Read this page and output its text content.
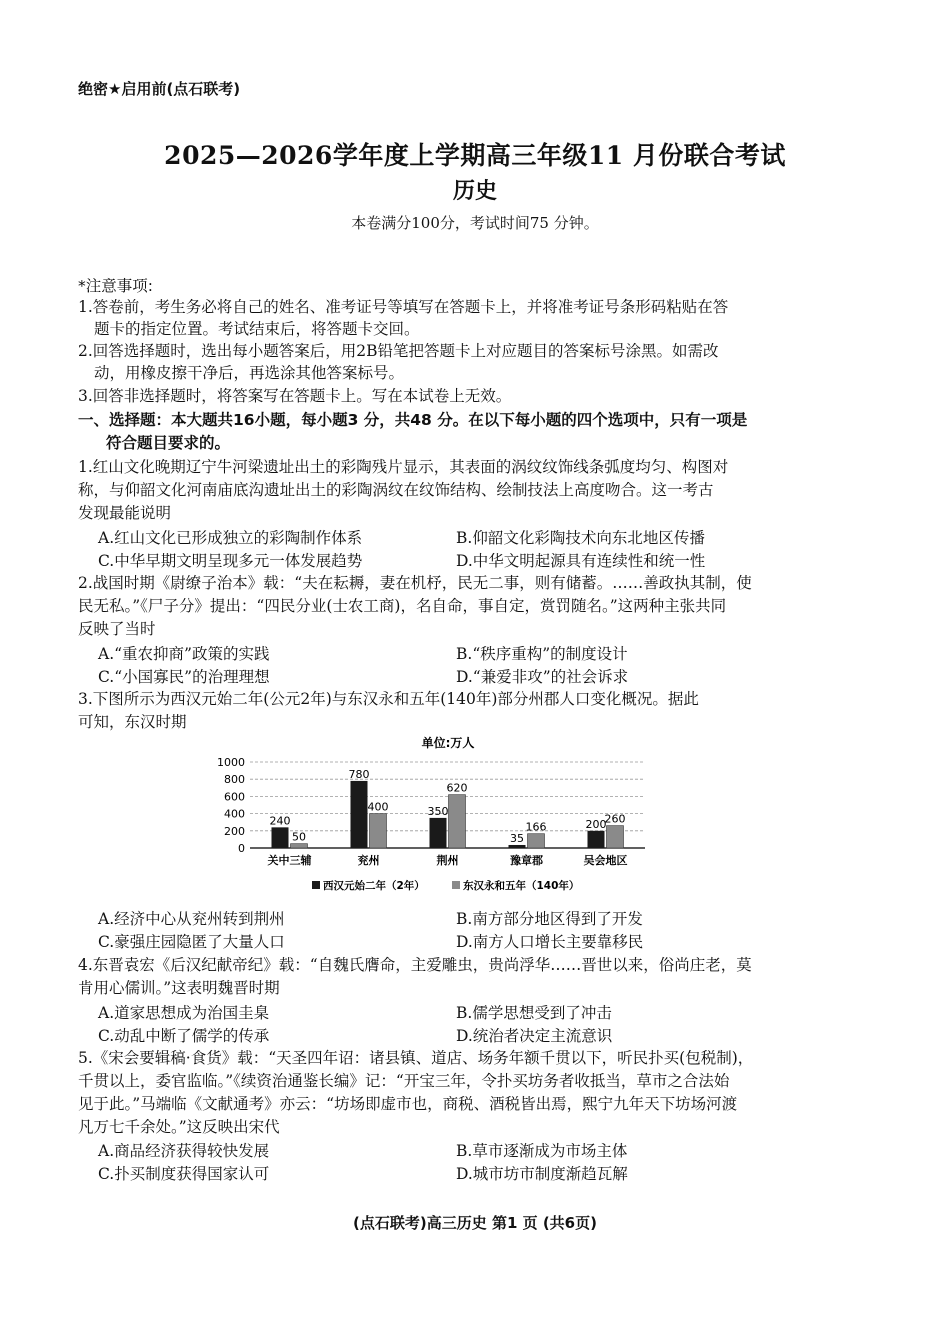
绝密★启用前(点石联考)
2025—2026学年度上学期高三年级11 月份联合考试
历史
本卷满分100分，考试时间75 分钟。
*注意事项:
1.答卷前，考生务必将自己的姓名、准考证号等填写在答题卡上，并将准考证号条形码粘贴在答
题卡的指定位置。考试结束后，将答题卡交回。
2.回答选择题时，选出每小题答案后，用2B铅笔把答题卡上对应题目的答案标号涂黑。如需改
动，用橡皮擦干净后，再选涂其他答案标号。
3.回答非选择题时，将答案写在答题卡上。写在本试卷上无效。
一、选择题：本大题共16小题，每小题3 分，共48 分。在以下每小题的四个选项中，只有一项是
符合题目要求的。
1.红山文化晚期辽宁牛河梁遗址出土的彩陶残片显示，其表面的涡纹纹饰线条弧度均匀、构图对
称，与仰韶文化河南庙底沟遗址出土的彩陶涡纹在纹饰结构、绘制技法上高度吻合。这一考古
发现最能说明
A.红山文化已形成独立的彩陶制作体系	B.仰韶文化彩陶技术向东北地区传播
C.中华早期文明呈现多元一体发展趋势	D.中华文明起源具有连续性和统一性
2.战国时期《尉缭子治本》载：“夫在耘耨，妻在机杼，民无二事，则有储蓄。……善政执其制，使
民无私。”《尸子分》提出：“四民分业(士农工商)，名自命，事自定，赏罚随名。”这两种主张共同
反映了当时
A.“重农抑商”政策的实践	B.“秩序重构”的制度设计
C.“小国寡民”的治理理想	D.“兼爱非攻”的社会诉求
3.下图所示为西汉元始二年(公元2年)与东汉永和五年(140年)部分州郡人口变化概况。据此
可知，东汉时期
单位:万人
0
200
400
600
800
1000
240
50
780
400	350
620
35
166	200
260
关中三辅	兖州	荆州	豫章郡	吴会地区
西汉元始二年（2年）	东汉永和五年（140年）
A.经济中心从兖州转到荆州	B.南方部分地区得到了开发
C.豪强庄园隐匿了大量人口	D.南方人口增长主要靠移民
4.东晋袁宏《后汉纪献帝纪》载：“自魏氏膺命，主爱雕虫，贵尚浮华……晋世以来，俗尚庄老，莫
肯用心儒训。”这表明魏晋时期
A.道家思想成为治国圭臬	B.儒学思想受到了冲击
C.动乱中断了儒学的传承	D.统治者决定主流意识
5.《宋会要辑稿·食货》载：“天圣四年诏：诸县镇、道店、场务年额千贯以下，听民扑买(包税制)，
千贯以上，委官监临。”《续资治通鉴长编》记：“开宝三年，令扑买坊务者收抵当，草市之合法始
见于此。”马端临《文献通考》亦云：“坊场即虚市也，商税、酒税皆出焉，熙宁九年天下坊场河渡
凡万七千余处。”这反映出宋代
A.商品经济获得较快发展	B.草市逐渐成为市场主体
C.扑买制度获得国家认可	D.城市坊市制度渐趋瓦解
(点石联考)高三历史 第1 页 (共6页)
